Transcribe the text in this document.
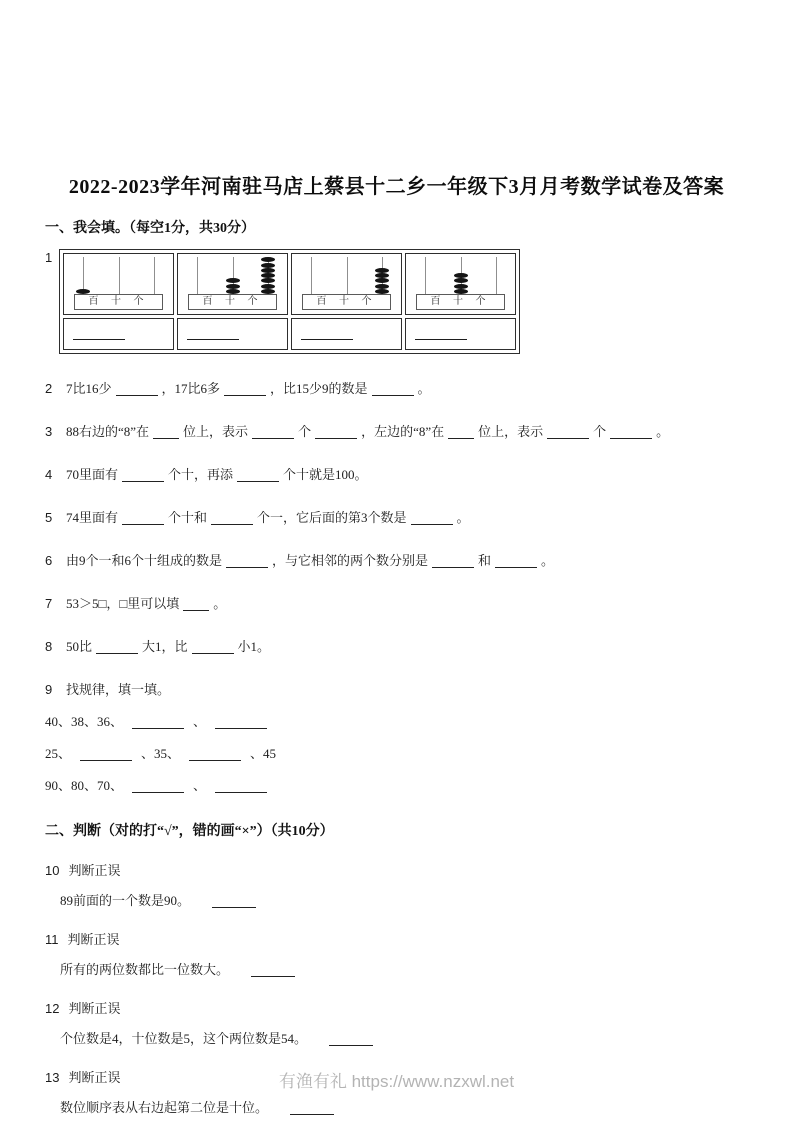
2022-2023学年河南驻马店上蔡县十二乡一年级下3月月考数学试卷及答案
一、我会填。（每空1分，共30分）
1
百 十 个	百 十 个	百 十 个	百 十 个

2 7比16少	，17比6多	，比15少9的数是	。
3 88右边的“8”在	位上，表示	个	，左边的“8”在	位上，表示	个	。
4 70里面有	个十，再添	个十就是100。
5 74里面有	个十和	个一，它后面的第3个数是	。
6 由9个一和6个十组成的数是	，与它相邻的两个数分别是	和	。
7 53＞5□，□里可以填	。
8 50比	大1，比	小1。
9 找规律，填一填。
40、38、36、	、
25、	、35、	、45
90、80、70、	、
二、判断（对的打“√”，错的画“×”）（共10分）
10 判断正误
89前面的一个数是90。
11 判断正误
所有的两位数都比一位数大。
12 判断正误
个位数是4，十位数是5，这个两位数是54。
13 判断正误
数位顺序表从右边起第二位是十位。
有渔有礼 https://www.nzxwl.net
